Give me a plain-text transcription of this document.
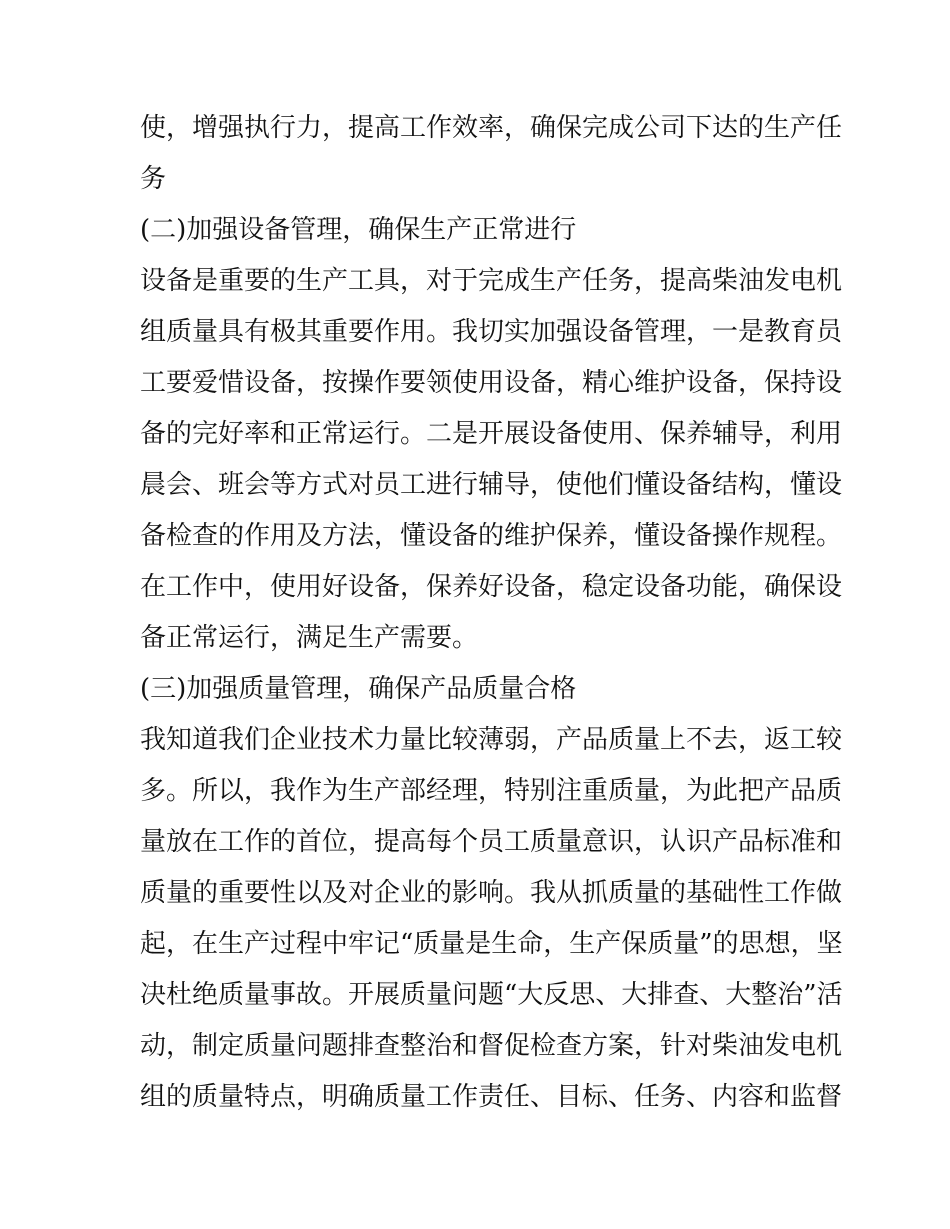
使，增强执行力，提高工作效率，确保完成公司下达的生产任
务
(二)加强设备管理，确保生产正常进行
设备是重要的生产工具，对于完成生产任务，提高柴油发电机
组质量具有极其重要作用。我切实加强设备管理，一是教育员
工要爱惜设备，按操作要领使用设备，精心维护设备，保持设
备的完好率和正常运行。二是开展设备使用、保养辅导，利用
晨会、班会等方式对员工进行辅导，使他们懂设备结构，懂设
备检查的作用及方法，懂设备的维护保养，懂设备操作规程。
在工作中，使用好设备，保养好设备，稳定设备功能，确保设
备正常运行，满足生产需要。
(三)加强质量管理，确保产品质量合格
我知道我们企业技术力量比较薄弱，产品质量上不去，返工较
多。所以，我作为生产部经理，特别注重质量，为此把产品质
量放在工作的首位，提高每个员工质量意识，认识产品标准和
质量的重要性以及对企业的影响。我从抓质量的基础性工作做
起，在生产过程中牢记“质量是生命，生产保质量”的思想，坚
决杜绝质量事故。开展质量问题“大反思、大排查、大整治”活
动，制定质量问题排查整治和督促检查方案，针对柴油发电机
组的质量特点，明确质量工作责任、目标、任务、内容和监督
